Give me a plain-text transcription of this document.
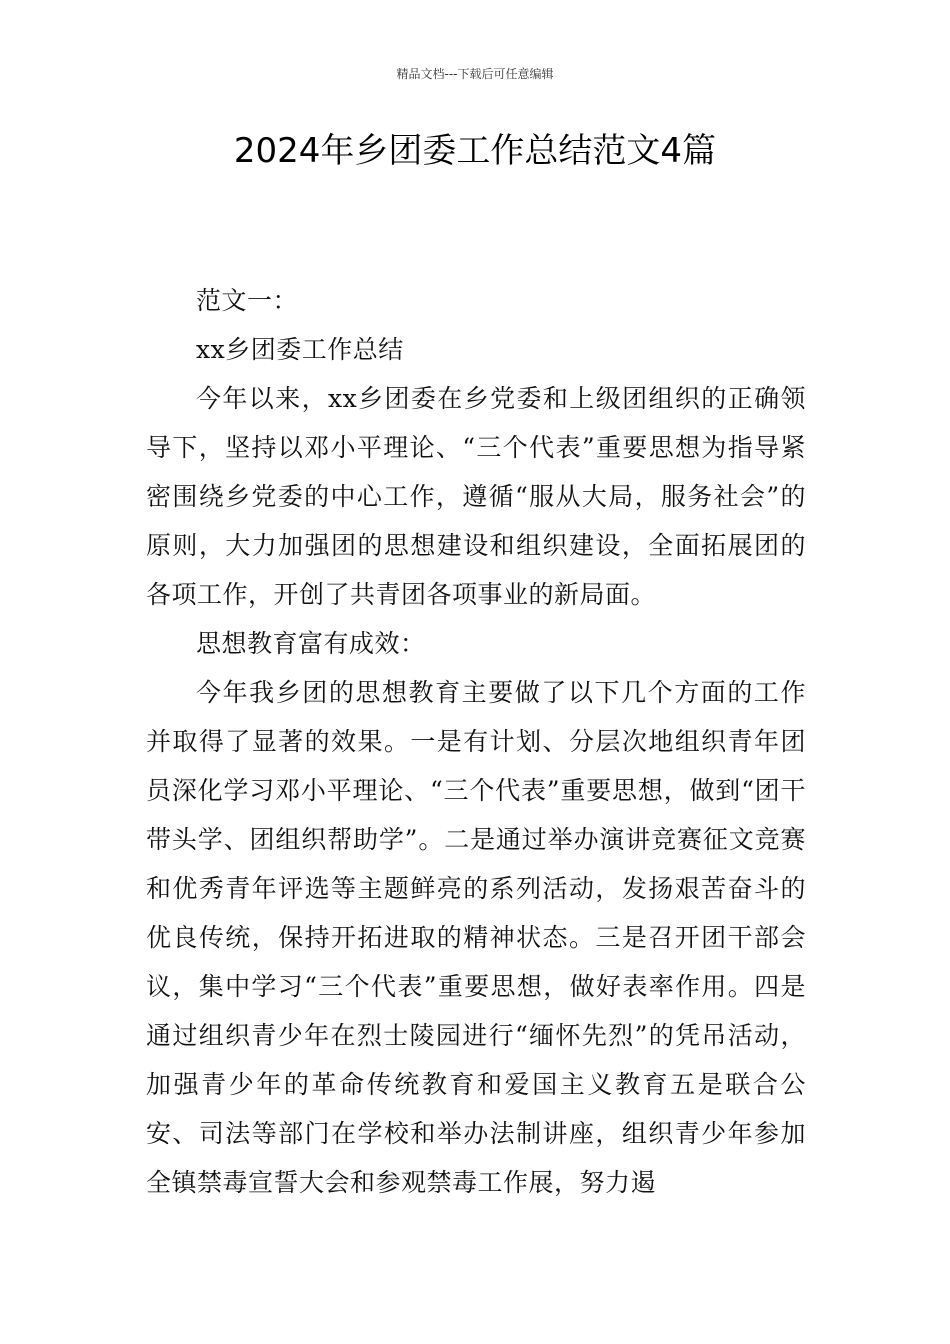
精品文档---下载后可任意编辑
2024年乡团委工作总结范文4篇

范文一：

xx乡团委工作总结

今年以来，xx乡团委在乡党委和上级团组织的正确领导下，坚持以邓小平理论、“三个代表”重要思想为指导紧密围绕乡党委的中心工作，遵循“服从大局，服务社会”的原则，大力加强团的思想建设和组织建设，全面拓展团的各项工作，开创了共青团各项事业的新局面。

思想教育富有成效：

今年我乡团的思想教育主要做了以下几个方面的工作并取得了显著的效果。一是有计划、分层次地组织青年团员深化学习邓小平理论、“三个代表”重要思想，做到“团干带头学、团组织帮助学”。二是通过举办演讲竞赛征文竞赛和优秀青年评选等主题鲜亮的系列活动，发扬艰苦奋斗的优良传统，保持开拓进取的精神状态。三是召开团干部会议，集中学习“三个代表”重要思想，做好表率作用。四是通过组织青少年在烈士陵园进行“缅怀先烈”的凭吊活动，加强青少年的革命传统教育和爱国主义教育五是联合公安、司法等部门在学校和举办法制讲座，组织青少年参加全镇禁毒宣誓大会和参观禁毒工作展，努力遏
